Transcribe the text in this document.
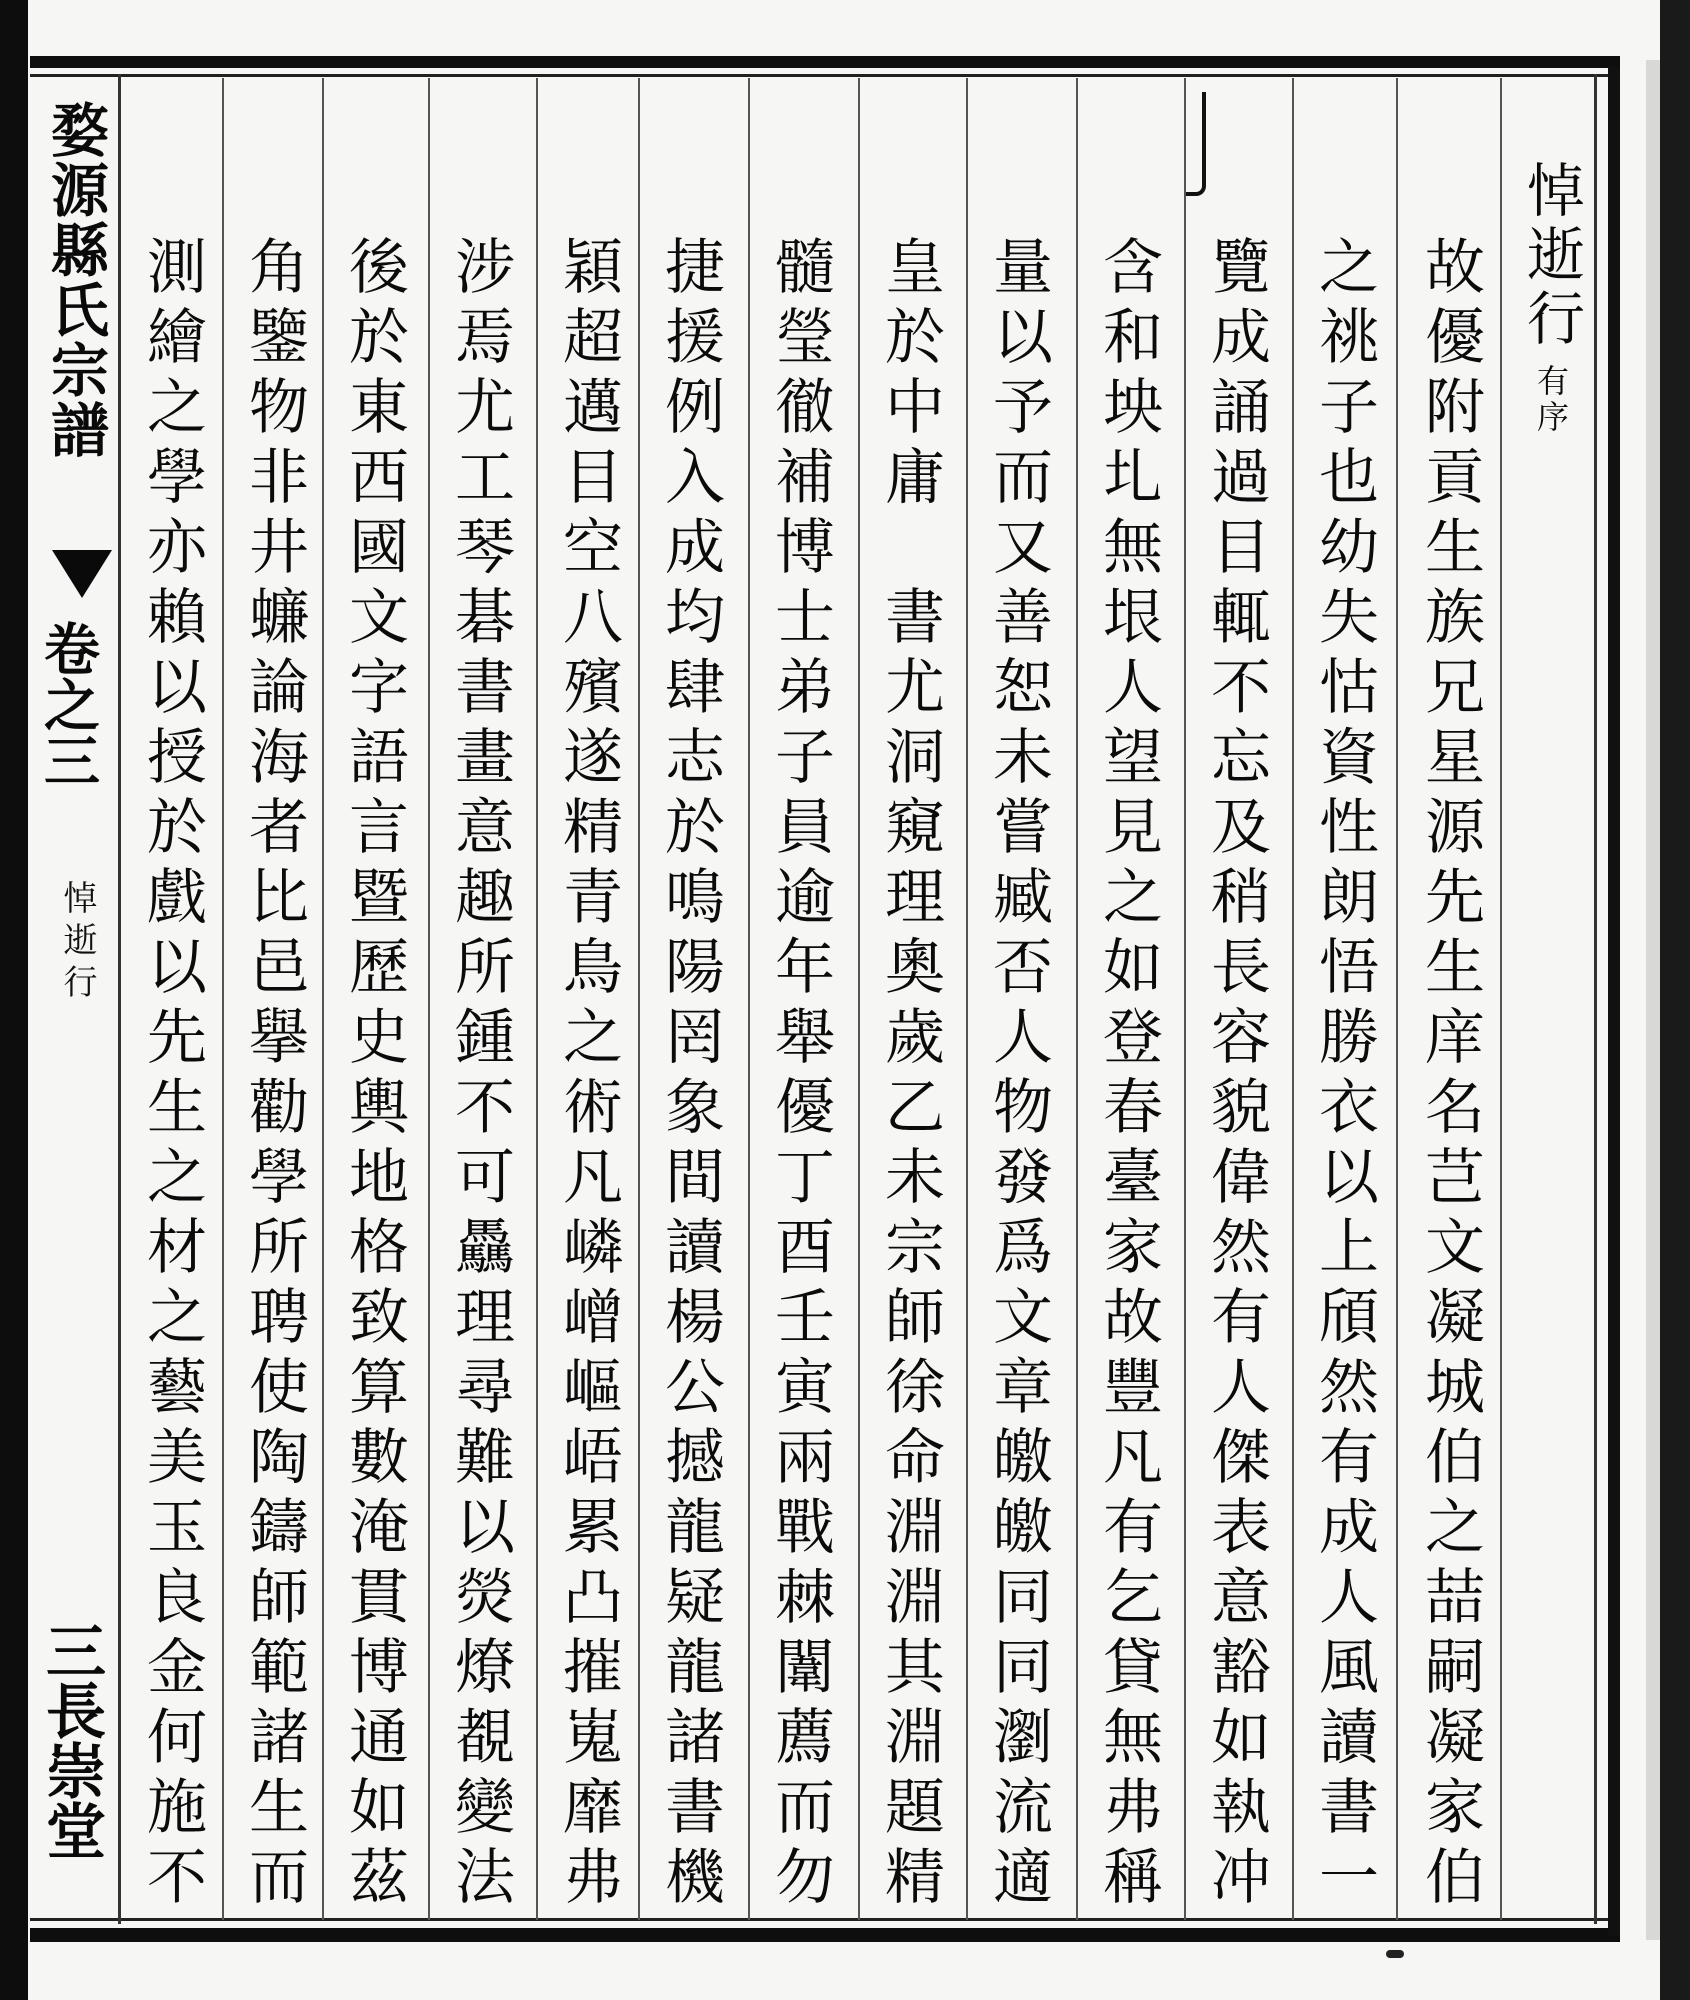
婺源縣氏宗譜
卷之三
悼逝行
三長崇堂
悼逝行有序
故優附貢生族兄星源先生庠名芑文凝城伯之喆嗣凝家伯
之祧子也幼失怙資性朗悟勝衣以上頎然有成人風讀書一
覽成誦過目輒不忘及稍長容貌偉然有人傑表意豁如執冲
含和坱圠無垠人望見之如登春臺家故豐凡有乞貸無弗稱
量以予而又善恕未嘗臧否人物發爲文章皦皦同同瀏流適
皇於中庸　書尤洞窺理奧歲乙未宗師徐命淵淵其淵題精
髓瑩徹補博士弟子員逾年舉優丁酉壬寅兩戰棘闈薦而勿
捷援例入成均肆志於鳴陽罔象間讀楊公撼龍疑龍諸書機
穎超邁目空八殯遂精青鳥之術凡嶙嶒嶇峿累凸摧嵬靡弗
涉焉尤工琴碁書畫意趣所鍾不可驫理尋難以熒燎覩變法
後於東西國文字語言暨歷史輿地格致算數淹貫博通如茲
角鑒物非井蠊論海者比邑擧勸學所聘使陶鑄師範諸生而
測繪之學亦賴以授於戲以先生之材之藝美玉良金何施不
